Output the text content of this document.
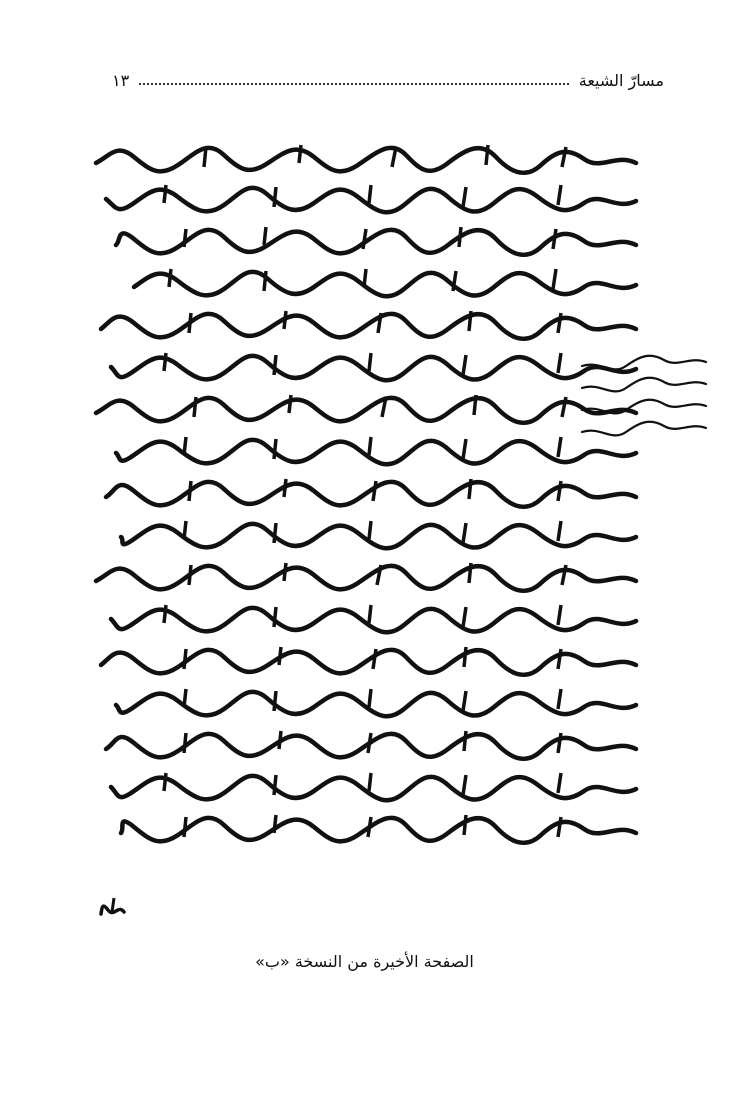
مسارّ الشيعة
١٣
الصفحة الأخيرة من النسخة «ب»
